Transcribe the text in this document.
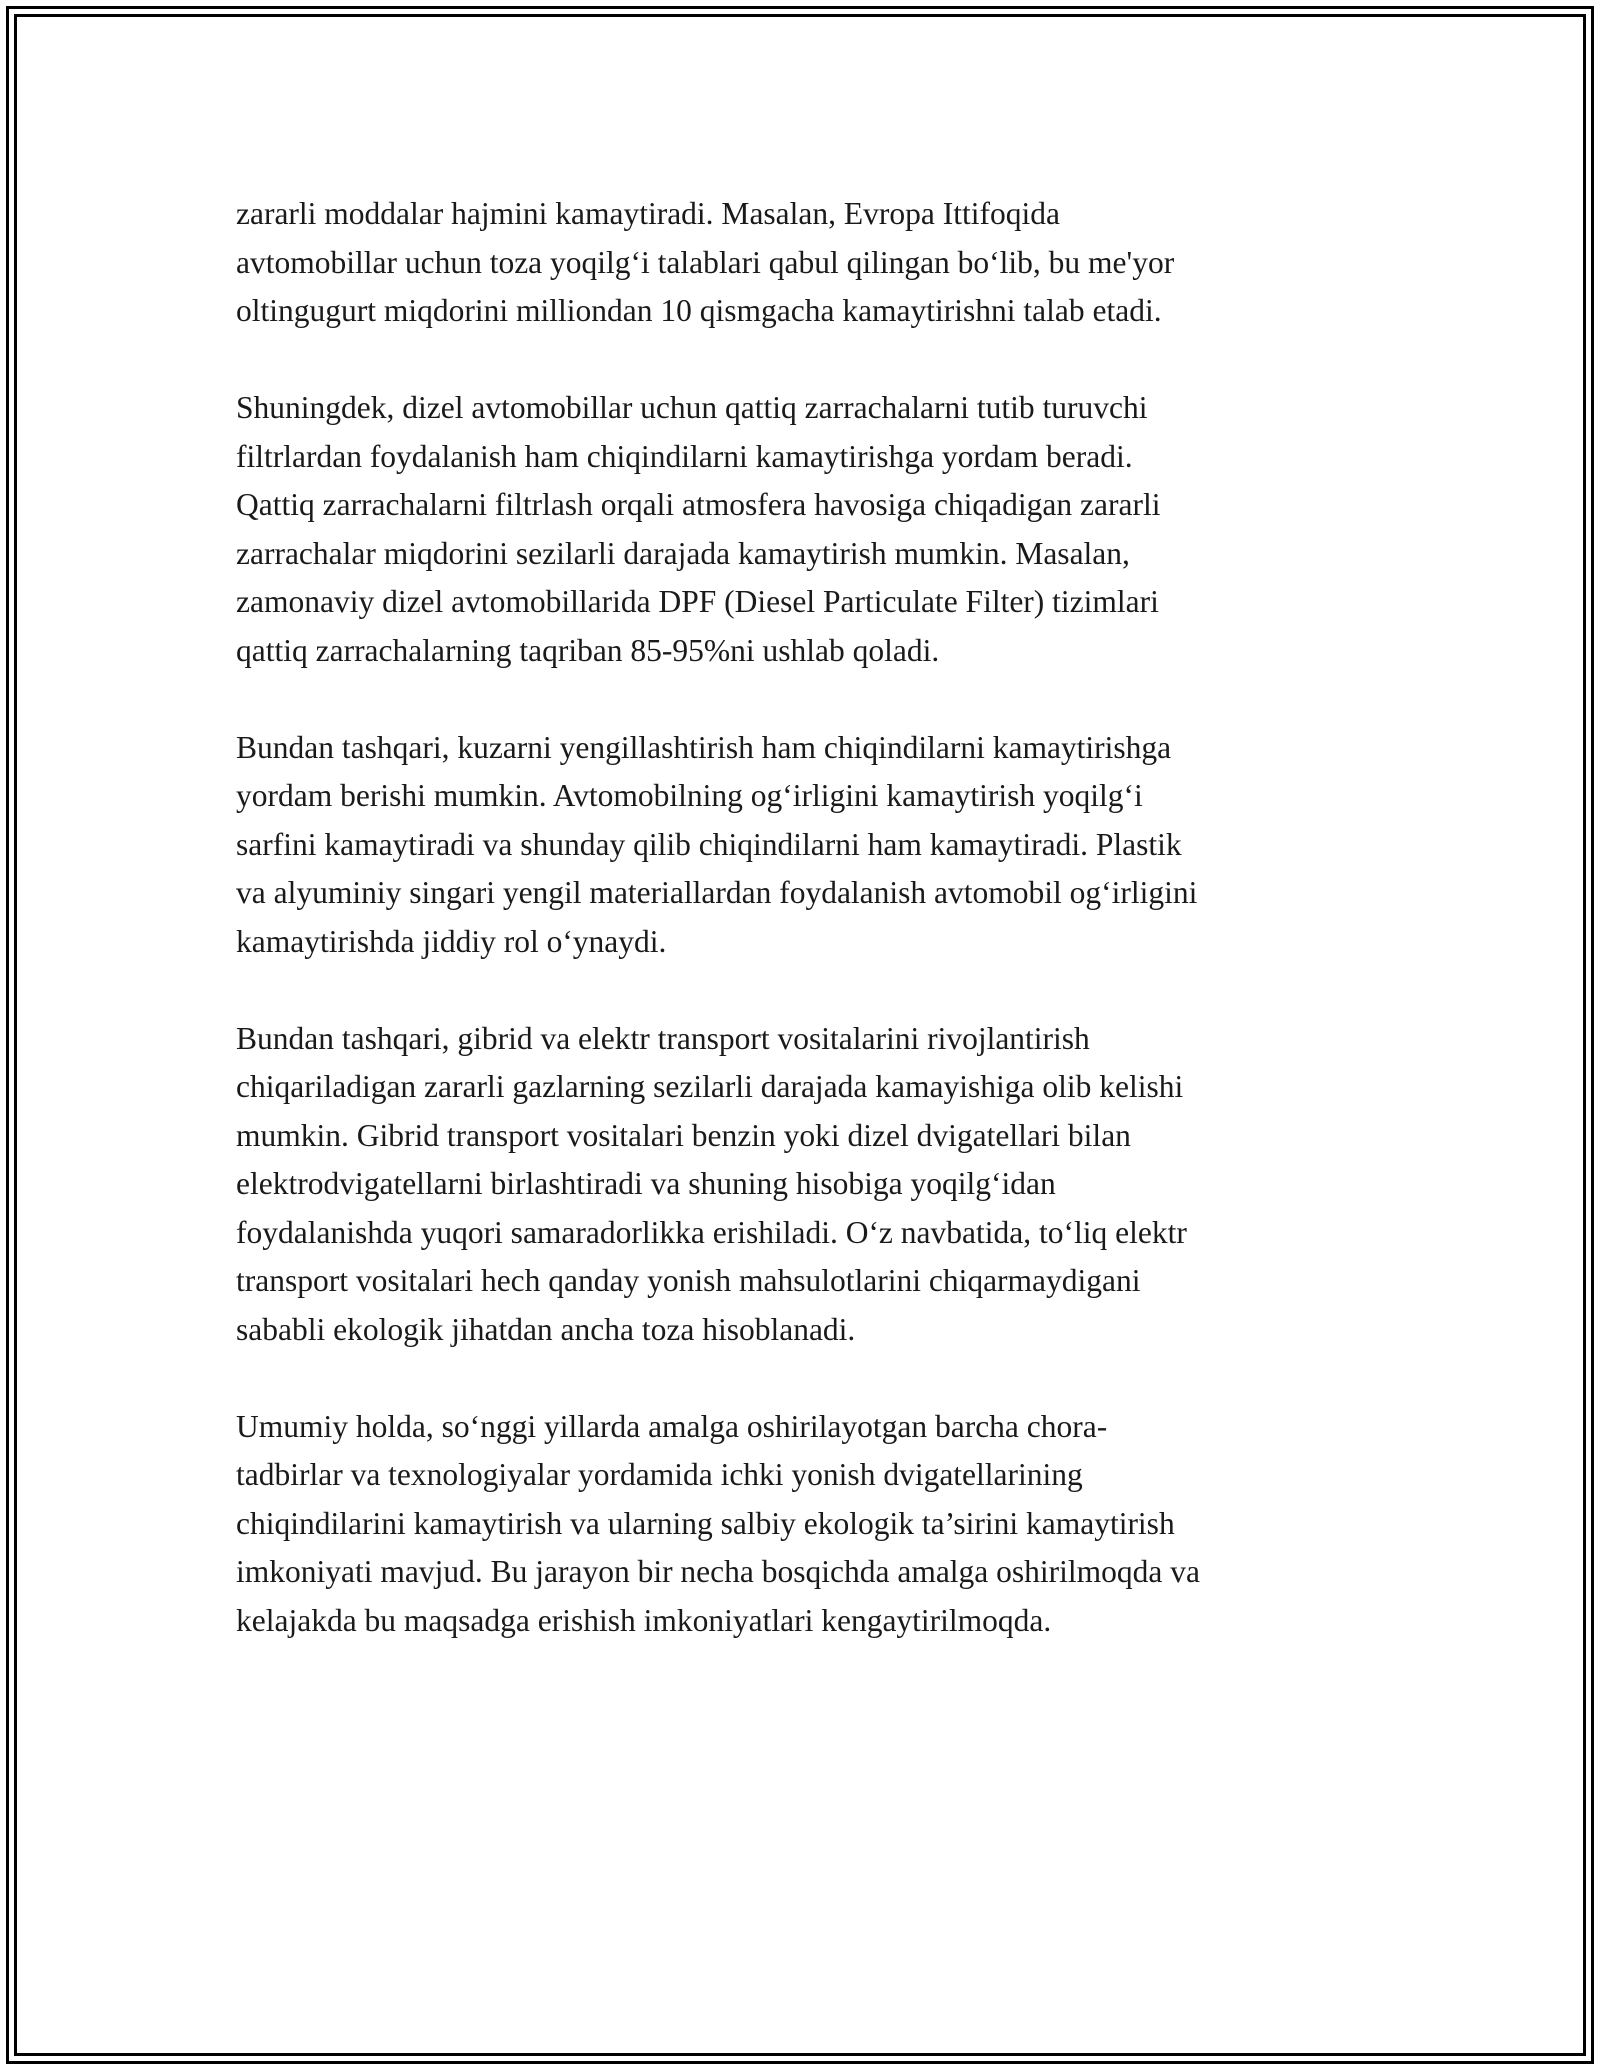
zararli moddalar hajmini kamaytiradi. Masalan, Evropa Ittifoqida
avtomobillar uchun toza yoqilg‘i talablari qabul qilingan bo‘lib, bu me'yor
oltingugurt miqdorini milliondan 10 qismgacha kamaytirishni talab etadi.

Shuningdek, dizel avtomobillar uchun qattiq zarrachalarni tutib turuvchi
filtrlardan foydalanish ham chiqindilarni kamaytirishga yordam beradi.
Qattiq zarrachalarni filtrlash orqali atmosfera havosiga chiqadigan zararli
zarrachalar miqdorini sezilarli darajada kamaytirish mumkin. Masalan,
zamonaviy dizel avtomobillarida DPF (Diesel Particulate Filter) tizimlari
qattiq zarrachalarning taqriban 85-95%ni ushlab qoladi.

Bundan tashqari, kuzarni yengillashtirish ham chiqindilarni kamaytirishga
yordam berishi mumkin. Avtomobilning og‘irligini kamaytirish yoqilg‘i
sarfini kamaytiradi va shunday qilib chiqindilarni ham kamaytiradi. Plastik
va alyuminiy singari yengil materiallardan foydalanish avtomobil og‘irligini
kamaytirishda jiddiy rol o‘ynaydi.

Bundan tashqari, gibrid va elektr transport vositalarini rivojlantirish
chiqariladigan zararli gazlarning sezilarli darajada kamayishiga olib kelishi
mumkin. Gibrid transport vositalari benzin yoki dizel dvigatellari bilan
elektrodvigatellarni birlashtiradi va shuning hisobiga yoqilg‘idan
foydalanishda yuqori samaradorlikka erishiladi. O‘z navbatida, to‘liq elektr
transport vositalari hech qanday yonish mahsulotlarini chiqarmaydigani
sababli ekologik jihatdan ancha toza hisoblanadi.

Umumiy holda, so‘nggi yillarda amalga oshirilayotgan barcha chora-
tadbirlar va texnologiyalar yordamida ichki yonish dvigatellarining
chiqindilarini kamaytirish va ularning salbiy ekologik ta’sirini kamaytirish
imkoniyati mavjud. Bu jarayon bir necha bosqichda amalga oshirilmoqda va
kelajakda bu maqsadga erishish imkoniyatlari kengaytirilmoqda.
